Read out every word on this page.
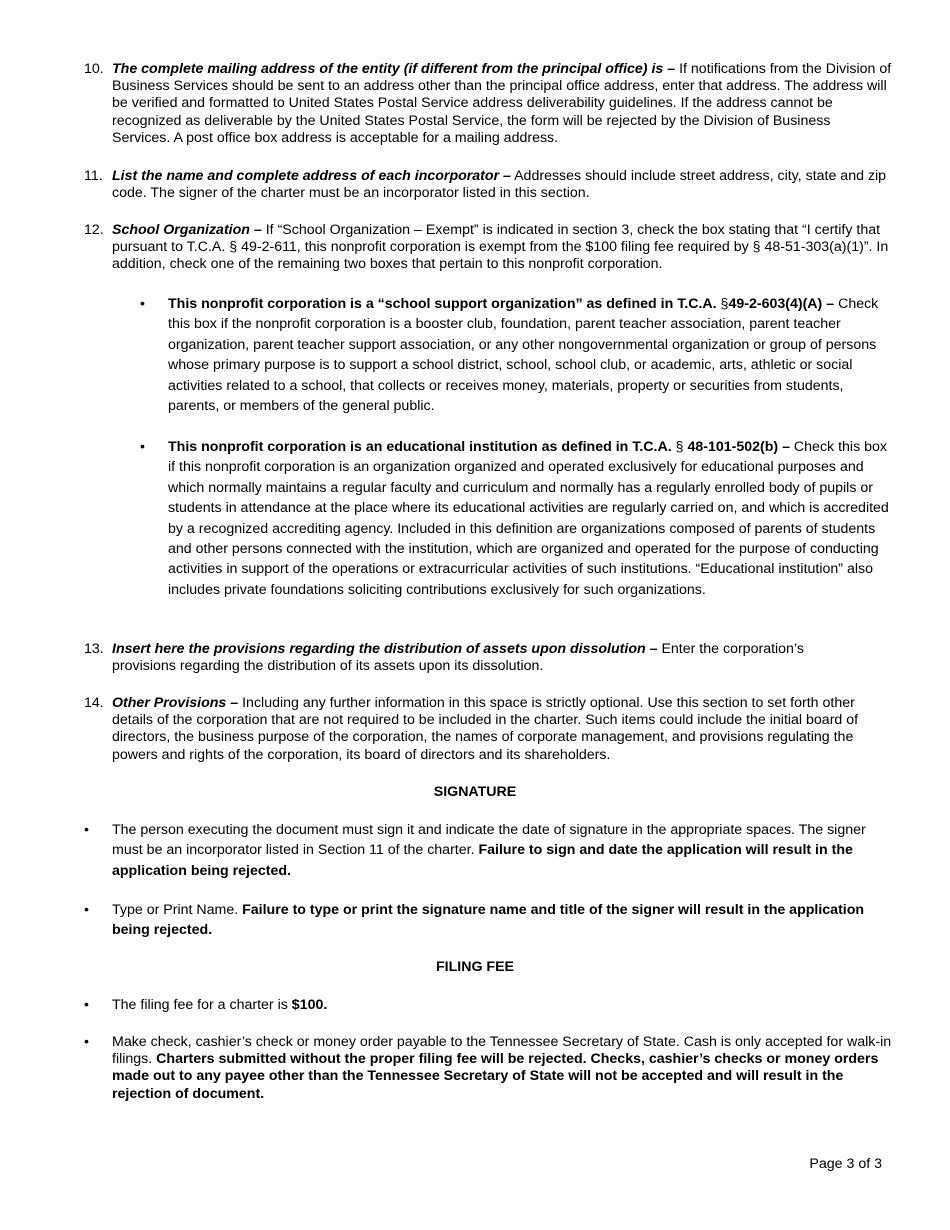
10. The complete mailing address of the entity (if different from the principal office) is – If notifications from the Division of Business Services should be sent to an address other than the principal office address, enter that address. The address will be verified and formatted to United States Postal Service address deliverability guidelines. If the address cannot be recognized as deliverable by the United States Postal Service, the form will be rejected by the Division of Business Services. A post office box address is acceptable for a mailing address.
11. List the name and complete address of each incorporator – Addresses should include street address, city, state and zip code. The signer of the charter must be an incorporator listed in this section.
12. School Organization – If “School Organization – Exempt” is indicated in section 3, check the box stating that “I certify that pursuant to T.C.A. § 49-2-611, this nonprofit corporation is exempt from the $100 filing fee required by § 48-51-303(a)(1)”. In addition, check one of the remaining two boxes that pertain to this nonprofit corporation.
• This nonprofit corporation is a “school support organization” as defined in T.C.A. §49-2-603(4)(A) – Check this box if the nonprofit corporation is a booster club, foundation, parent teacher association, parent teacher organization, parent teacher support association, or any other nongovernmental organization or group of persons whose primary purpose is to support a school district, school, school club, or academic, arts, athletic or social activities related to a school, that collects or receives money, materials, property or securities from students, parents, or members of the general public.
• This nonprofit corporation is an educational institution as defined in T.C.A. § 48-101-502(b) – Check this box if this nonprofit corporation is an organization organized and operated exclusively for educational purposes and which normally maintains a regular faculty and curriculum and normally has a regularly enrolled body of pupils or students in attendance at the place where its educational activities are regularly carried on, and which is accredited by a recognized accrediting agency. Included in this definition are organizations composed of parents of students and other persons connected with the institution, which are organized and operated for the purpose of conducting activities in support of the operations or extracurricular activities of such institutions. “Educational institution” also includes private foundations soliciting contributions exclusively for such organizations.
13. Insert here the provisions regarding the distribution of assets upon dissolution – Enter the corporation’s provisions regarding the distribution of its assets upon its dissolution.
14. Other Provisions – Including any further information in this space is strictly optional. Use this section to set forth other details of the corporation that are not required to be included in the charter. Such items could include the initial board of directors, the business purpose of the corporation, the names of corporate management, and provisions regulating the powers and rights of the corporation, its board of directors and its shareholders.
SIGNATURE
• The person executing the document must sign it and indicate the date of signature in the appropriate spaces. The signer must be an incorporator listed in Section 11 of the charter. Failure to sign and date the application will result in the application being rejected.
• Type or Print Name. Failure to type or print the signature name and title of the signer will result in the application being rejected.
FILING FEE
• The filing fee for a charter is $100.
• Make check, cashier’s check or money order payable to the Tennessee Secretary of State. Cash is only accepted for walk-in filings. Charters submitted without the proper filing fee will be rejected. Checks, cashier’s checks or money orders made out to any payee other than the Tennessee Secretary of State will not be accepted and will result in the rejection of document.
Page 3 of 3
